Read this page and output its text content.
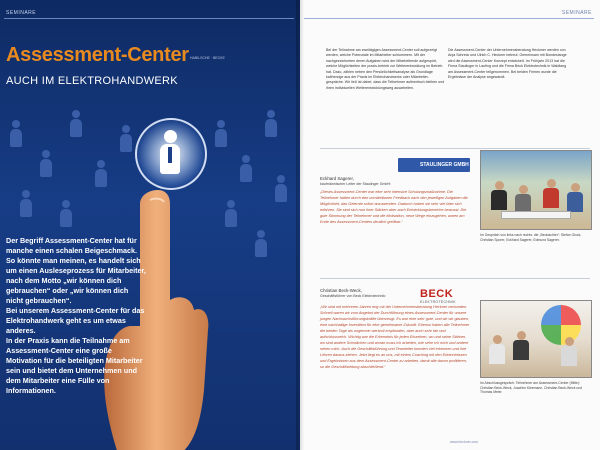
SEMINARE
Assessment-Center HABILSCHE · BECKE
AUCH IM ELEKTROHANDWERK

Der Begriff Assessment-Center hat für manche einen schalen Beigeschmack. So könnte man meinen, es handelt sich um einen Ausleseprozess für Mitarbeiter, nach dem Motto „wir können dich gebrauchen“ oder „wir können dich nicht gebrauchen“.

Bei unserem Assessment-Center für das Elektrohandwerk geht es um etwas anderes.

In der Praxis kann die Teilnahme am Assessment-Center eine große Motivation für die beteiligten Mitarbeiter sein und bietet dem Unternehmen und dem Mitarbeiter eine Fülle von Informationen.

SEMINARE
Bei der Teilnahme am zweitägigen Assessment-Center soll aufgezeigt werden, welche Potenziale im Mitarbeiter schlummern. Mit der nachgezeichneten deren Aufgaben wird der Mitarbeitende aufgespürt, welche Möglichkeiten der praxis-betrieb zur Weiterentwicklung im Betrieb hat. Dazu, zählen neben den Persönlichkeitsanalyse als Grundlage kaltherzige aus der Praxis im Elektrohandwerks oder Mitarbeiter-gespräche. Wir ließ ist dabei, dass die Teilnehmer authentisch bleiben und ihren individuellen Weiterentwicklungsweg ausarbeiten.
Die Assessment-Center der Unternehmensberatung Heckmer werden von Anja Schreck und Ulrich C. Heckner betreut. Gemeinsam mit Bundeslange wird die Assessment-Center Konzept entwickelt. Im Frühjahr 2013 hat die Firma Staulinger in Laufing und die Firma Beck Elektrotechnik in Waldlang am Assessment-Center teilgenommen. Bei beiden Firmen wurde die Ergebnisse der Analyse angewandt.
STAULINGER GMBH
Eckhard Sagerer,
kaufmännischer Leiter der Staulinger GmbH:
„Dieses Assessment-Center war eine sehr intensive Schulungsmaßnahme. Die Teilnehmer hatten durch den unmittelbaren Feedback nach den jeweiligen Aufgaben die Möglichkeit, das Gelernte sofort anzuwenden. Dadurch haben sie sehr viel über sich erfahren. Sie sind sich nun ihrer Stärken aber auch Entwicklungsbereiche bewusst. Die gute Stimmung der Teilnehmer und die Motivation, neue Wege einzugehen, waren am Ende des Assessment-Centers deutlich greifbar.“
Im Gespräch von links nach rechts: die „Beobachter“: Stefan Glock, Christian Sporer, Eckhard Sagerer, Edmund Sagerer.
Christian Beck-Weck,
Geschäftsführer von Beck Elektrotechnik:	BECK
ELEKTROTECHNIK
„Wir sind mit mehreren Jahren eng mit der Unternehmensberatung Heckner verbunden. Schnell waren wir vom Angebot der Durchführung eines Assessment-Center für unsere jungen Nachwuchsführungskräfte überzeugt. Es war eine sehr gute, und wir wir glauben, eine nachhaltige Investition für eine gemeinsame Zukunft. Ebenso haben alle Teilnehmer die beiden Tage als ungemein wertvoll empfunden, aber auch sehr fair und aufschlussreich. Wichtig war die Erkenntnis für jeden Einzelnen, wo und seine Stärken, wo sind andere Schwächen und woran muss ich arbeiten, wie sehe ich mich und andere sehen mich. Auch die Geschäftsführung und Teamleiter konnten viel erkennen und ihre Lehren daraus ziehen. Jetzt liegt es an uns, mit einem Coaching mit den Erkenntnissen und Ergebnissen aus dem Assessment-Center zu arbeiten, damit alle davon profitieren, so die Geschäftsleitung abschließend.“
Im Abschlussgespräch: Teilnehmer am Assessment-Center (Mitte): Christian Beck-Weck, Joachim Kleemann, Christian Beck-Weck und Thomas Meier.
www.beckner.com
